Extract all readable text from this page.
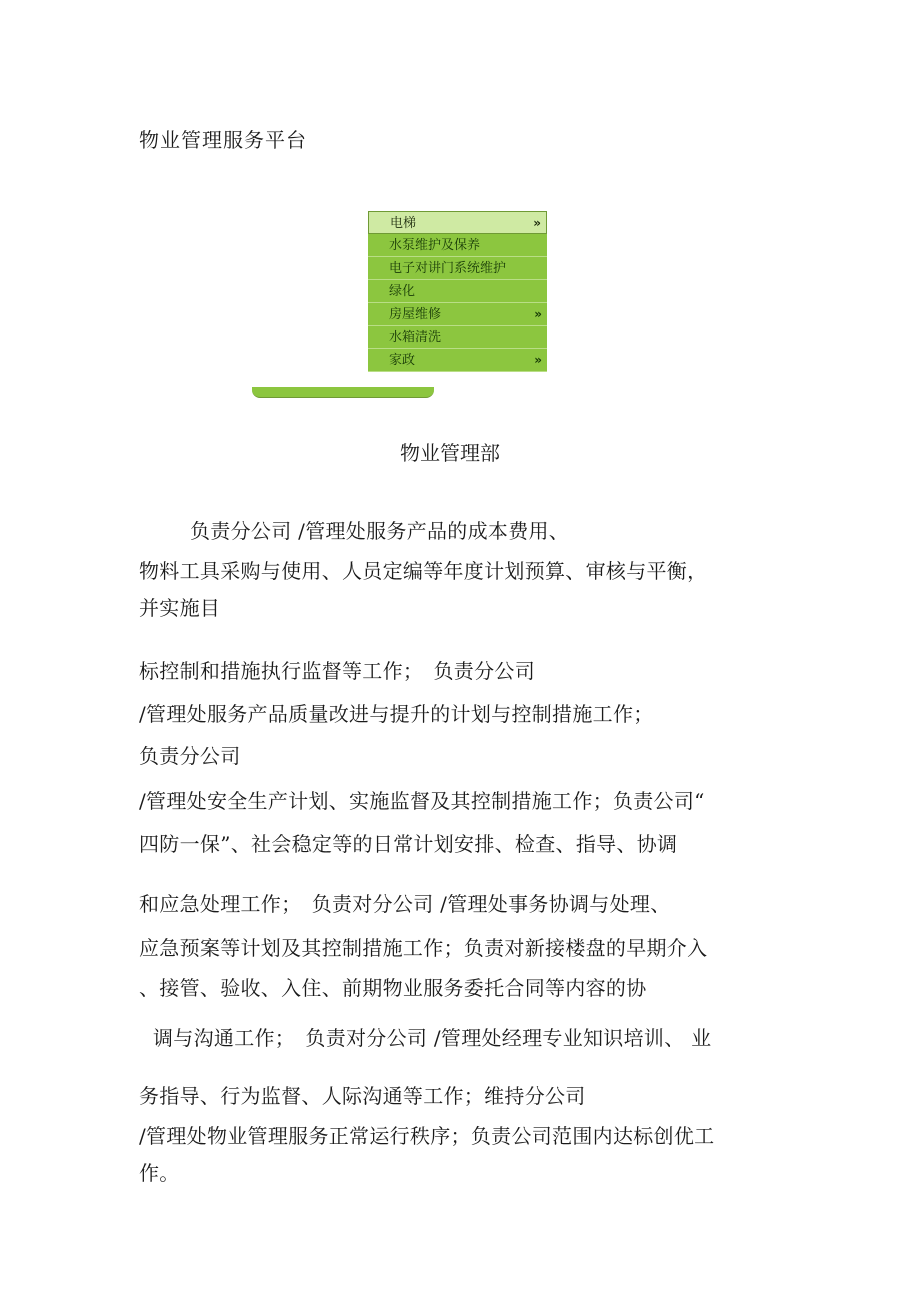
物业管理服务平台
电梯	»
水泵维护及保养
电子对讲门系统维护
绿化
房屋维修	»
水箱清洗
家政	»
物业管理部
负责分公司 /管理处服务产品的成本费用、
物料工具采购与使用、人员定编等年度计划预算、审核与平衡，
并实施目
标控制和措施执行监督等工作；　负责分公司
/管理处服务产品质量改进与提升的计划与控制措施工作；
负责分公司
/管理处安全生产计划、实施监督及其控制措施工作；负责公司“
四防一保”、社会稳定等的日常计划安排、检查、指导、协调
和应急处理工作；　负责对分公司 /管理处事务协调与处理、
应急预案等计划及其控制措施工作；负责对新接楼盘的早期介入
、接管、验收、入住、前期物业服务委托合同等内容的协
调与沟通工作；　负责对分公司 /管理处经理专业知识培训、 业
务指导、行为监督、人际沟通等工作；维持分公司
/管理处物业管理服务正常运行秩序；负责公司范围内达标创优工
作。
